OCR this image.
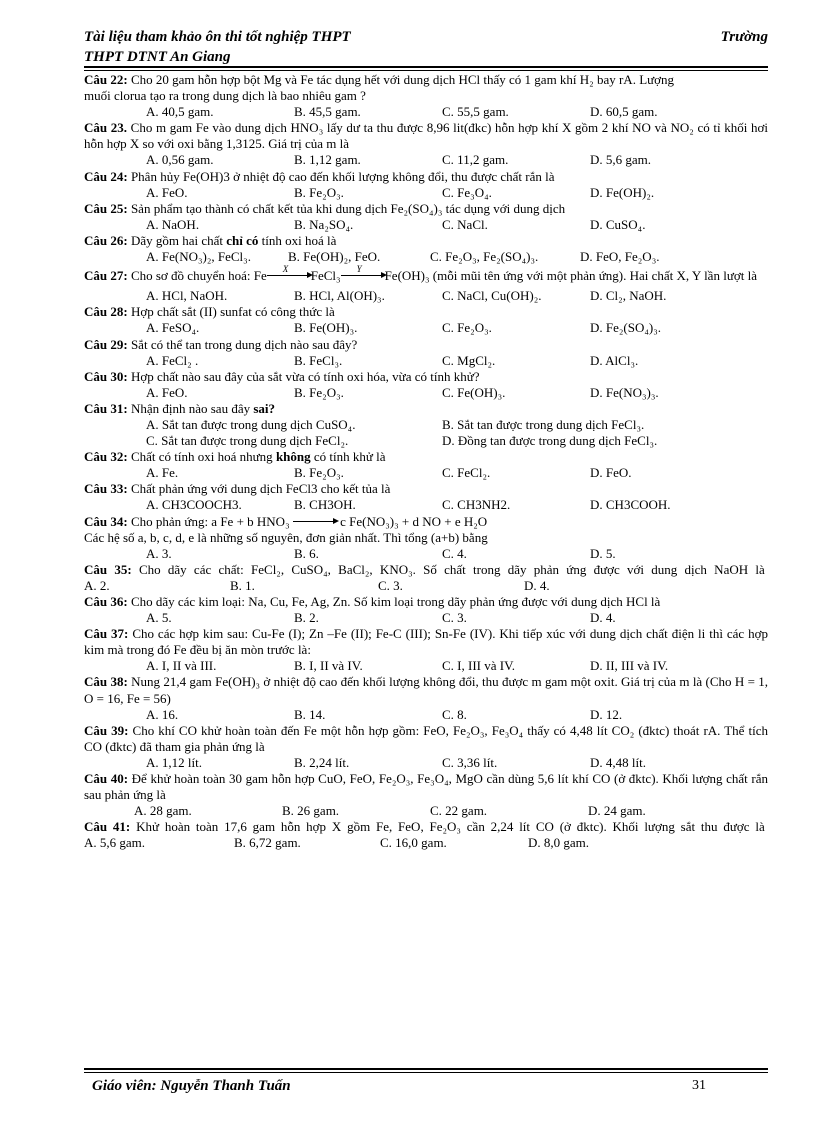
Tài liệu tham khảo ôn thi tốt nghiệp THPT
THPT DTNT An Giang
Trường

Câu 22: Cho 20 gam hỗn hợp bột Mg và Fe tác dụng hết với dung dịch HCl thấy có 1 gam khí H₂ bay rA. Lượng

muối clorua tạo ra trong dung dịch là bao nhiêu gam ?

A. 40,5 gam.	B. 45,5 gam.	C. 55,5 gam.	D. 60,5 gam.

Câu 23. Cho m gam Fe vào dung dịch HNO₃ lấy dư ta thu được 8,96 lit(đkc) hỗn hợp khí X gồm 2 khí NO và NO₂ có tỉ khối hơi hỗn hợp X so với oxi bằng 1,3125. Giá trị của m là

A. 0,56 gam.	B. 1,12 gam.	C. 11,2 gam.	D. 5,6 gam.

Câu 24: Phân hủy Fe(OH)3 ở nhiệt độ cao đến khối lượng không đổi, thu được chất rắn là

A. FeO.	B. Fe₂O₃.	C. Fe₃O₄.	D. Fe(OH)₂.

Câu 25: Sản phẩm tạo thành có chất kết tủa khi dung dịch Fe₂(SO₄)₃ tác dụng với dung dịch

A. NaOH.	B. Na₂SO₄.	C. NaCl.	D. CuSO₄.

Câu 26: Dãy gồm hai chất chỉ có tính oxi hoá là

A. Fe(NO₃)₂, FeCl₃.	B. Fe(OH)₂, FeO.	C. Fe₂O₃, Fe₂(SO₄)₃.	D. FeO, Fe₂O₃.

Câu 27: Cho sơ đồ chuyển hoá: Fe X FeCl₃ Y Fe(OH)₃ (mỗi mũi tên ứng với một phản ứng). Hai chất X, Y lần lượt là

A. HCl, NaOH.	B. HCl, Al(OH)₃.	C. NaCl, Cu(OH)₂.	D. Cl₂, NaOH.

Câu 28: Hợp chất sắt (II) sunfat có công thức là

A. FeSO₄.	B. Fe(OH)₃.	C. Fe₂O₃.	D. Fe₂(SO₄)₃.

Câu 29: Sắt có thể tan trong dung dịch nào sau đây?

A. FeCl₂ .	B. FeCl₃.	C. MgCl₂.	D. AlCl₃.

Câu 30: Hợp chất nào sau đây của sắt vừa có tính oxi hóa, vừa có tính khử?

A. FeO.	B. Fe₂O₃.	C. Fe(OH)₃.	D. Fe(NO₃)₃.

Câu 31: Nhận định nào sau đây sai?

A. Sắt tan được trong dung dịch CuSO₄.	B. Sắt tan được trong dung dịch FeCl₃.
C. Sắt tan được trong dung dịch FeCl₂.	D. Đồng tan được trong dung dịch FeCl₃.

Câu 32: Chất có tính oxi hoá nhưng không có tính khử là

A. Fe.	B. Fe₂O₃.	C. FeCl₂.	D. FeO.

Câu 33: Chất phản ứng với dung dịch FeCl3 cho kết tủa là

A. CH3COOCH3.	B. CH3OH.	C. CH3NH2.	D. CH3COOH.

Câu 34: Cho phản ứng: a Fe + b HNO₃	c Fe(NO₃)₃ + d NO + e H₂O

Các hệ số a, b, c, d, e là những số nguyên, đơn giản nhất. Thì tổng (a+b) bằng

A. 3.	B. 6.	C. 4.	D. 5.

Câu 35: Cho dãy các chất: FeCl₂, CuSO₄, BaCl₂, KNO₃. Số chất trong dãy phản ứng được với dung dịch NaOH là A. 2.	B. 1.	C. 3.	D. 4.

Câu 36: Cho dãy các kim loại: Na, Cu, Fe, Ag, Zn. Số kim loại trong dãy phản ứng được với dung dịch HCl là

A. 5.	B. 2.	C. 3.	D. 4.

Câu 37: Cho các hợp kim sau: Cu-Fe (I); Zn –Fe (II); Fe-C (III); Sn-Fe (IV). Khi tiếp xúc với dung dịch chất điện li thì các hợp kim mà trong đó Fe đều bị ăn mòn trước là:

A. I, II và III.	B. I, II và IV.	C. I, III và IV.	D. II, III và IV.

Câu 38: Nung 21,4 gam Fe(OH)₃ ở nhiệt độ cao đến khối lượng không đổi, thu được m gam một oxit. Giá trị của m là (Cho H = 1, O = 16, Fe = 56)

A. 16.	B. 14.	C. 8.	D. 12.

Câu 39: Cho khí CO khử hoàn toàn đến Fe một hỗn hợp gồm: FeO, Fe₂O₃, Fe₃O₄ thấy có 4,48 lít CO₂ (đktc) thoát rA. Thể tích CO (đktc) đã tham gia phản ứng là

A. 1,12 lít.	B. 2,24 lít.	C. 3,36 lít.	D. 4,48 lít.

Câu 40: Để khử hoàn toàn 30 gam hỗn hợp CuO, FeO, Fe₂O₃, Fe₃O₄, MgO cần dùng 5,6 lít khí CO (ở đktc). Khối lượng chất rắn sau phản ứng là

A. 28 gam.	B. 26 gam.	C. 22 gam.	D. 24 gam.

Câu 41: Khử hoàn toàn 17,6 gam hỗn hợp X gồm Fe, FeO, Fe₂O₃ cần 2,24 lít CO (ở đktc). Khối lượng sắt thu được là  A. 5,6 gam.	B. 6,72 gam.	C. 16,0 gam.	D. 8,0 gam.

Giáo viên: Nguyễn Thanh Tuấn	31
